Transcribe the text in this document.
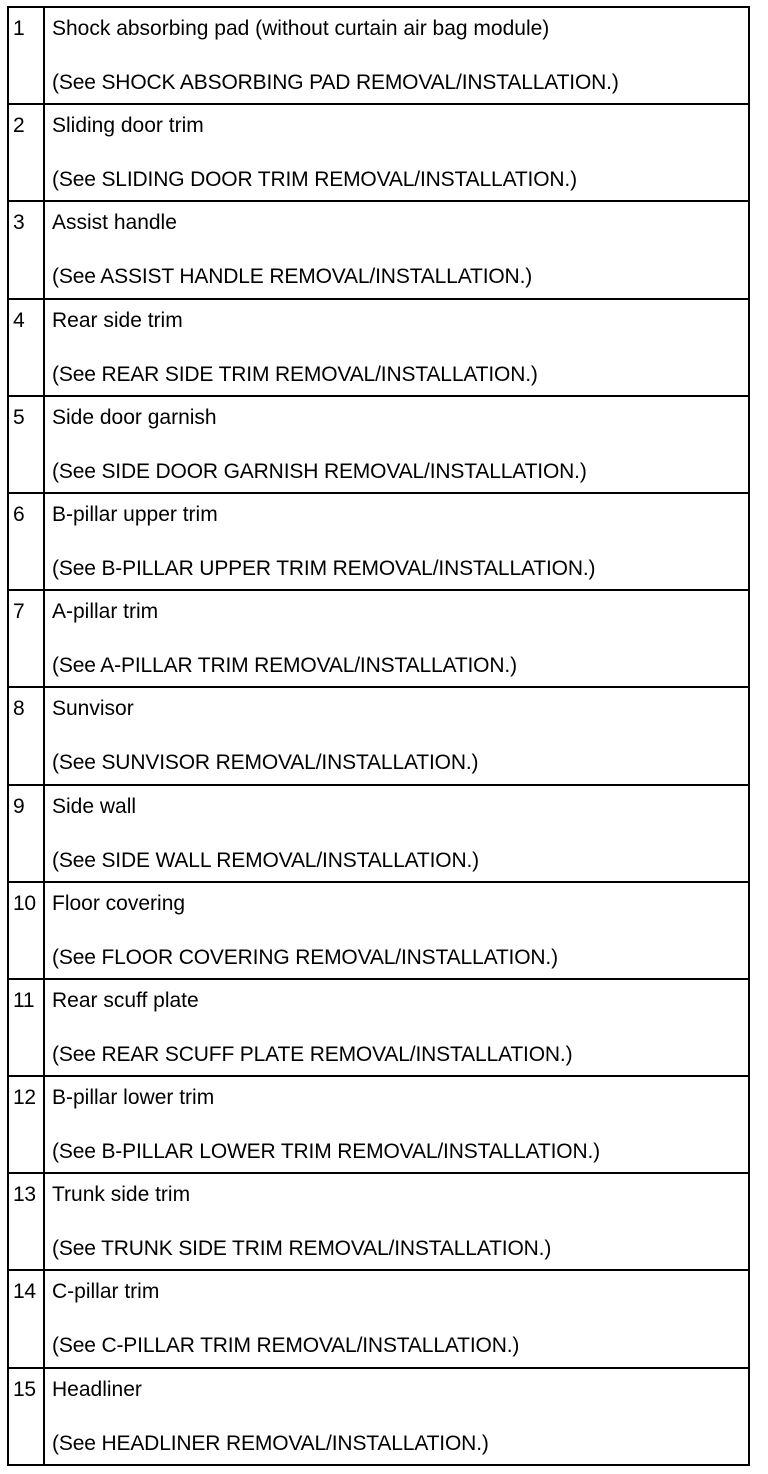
1	Shock absorbing pad (without curtain air bag module)
(See SHOCK ABSORBING PAD REMOVAL/INSTALLATION.)

2	Sliding door trim
(See SLIDING DOOR TRIM REMOVAL/INSTALLATION.)

3	Assist handle
(See ASSIST HANDLE REMOVAL/INSTALLATION.)

4	Rear side trim
(See REAR SIDE TRIM REMOVAL/INSTALLATION.)

5	Side door garnish
(See SIDE DOOR GARNISH REMOVAL/INSTALLATION.)

6	B-pillar upper trim
(See B-PILLAR UPPER TRIM REMOVAL/INSTALLATION.)

7	A-pillar trim
(See A-PILLAR TRIM REMOVAL/INSTALLATION.)

8	Sunvisor
(See SUNVISOR REMOVAL/INSTALLATION.)

9	Side wall
(See SIDE WALL REMOVAL/INSTALLATION.)

10	Floor covering
(See FLOOR COVERING REMOVAL/INSTALLATION.)

11	Rear scuff plate
(See REAR SCUFF PLATE REMOVAL/INSTALLATION.)

12	B-pillar lower trim
(See B-PILLAR LOWER TRIM REMOVAL/INSTALLATION.)

13	Trunk side trim
(See TRUNK SIDE TRIM REMOVAL/INSTALLATION.)

14	C-pillar trim
(See C-PILLAR TRIM REMOVAL/INSTALLATION.)

15	Headliner
(See HEADLINER REMOVAL/INSTALLATION.)
